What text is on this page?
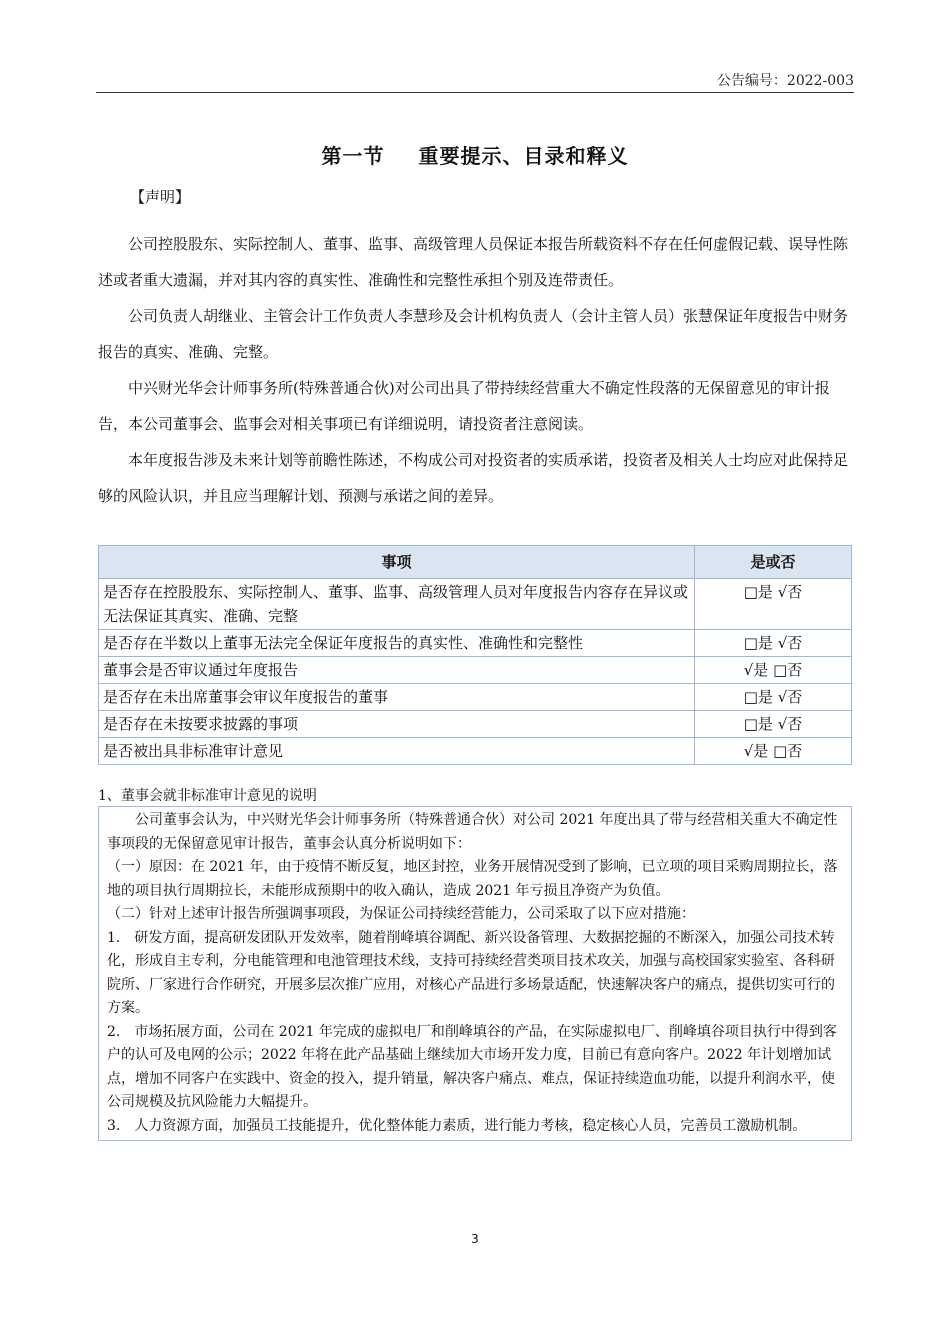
公告编号：2022-003
第一节 重要提示、目录和释义
【声明】

公司控股股东、实际控制人、董事、监事、高级管理人员保证本报告所载资料不存在任何虚假记载、误导性陈述或者重大遗漏，并对其内容的真实性、准确性和完整性承担个别及连带责任。

公司负责人胡继业、主管会计工作负责人李慧珍及会计机构负责人（会计主管人员）张慧保证年度报告中财务报告的真实、准确、完整。

中兴财光华会计师事务所(特殊普通合伙)对公司出具了带持续经营重大不确定性段落的无保留意见的审计报告，本公司董事会、监事会对相关事项已有详细说明，请投资者注意阅读。

本年度报告涉及未来计划等前瞻性陈述，不构成公司对投资者的实质承诺，投资者及相关人士均应对此保持足够的风险认识，并且应当理解计划、预测与承诺之间的差异。

事项	是或否
是否存在控股股东、实际控制人、董事、监事、高级管理人员对年度报告内容存在异议或无法保证其真实、准确、完整	□是 √否
是否存在半数以上董事无法完全保证年度报告的真实性、准确性和完整性	□是 √否
董事会是否审议通过年度报告	√是 □否
是否存在未出席董事会审议年度报告的董事	□是 √否
是否存在未按要求披露的事项	□是 √否
是否被出具非标准审计意见	√是 □否
1、董事会就非标准审计意见的说明

公司董事会认为，中兴财光华会计师事务所（特殊普通合伙）对公司 2021 年度出具了带与经营相关重大不确定性事项段的无保留意见审计报告，董事会认真分析说明如下：

（一）原因：在 2021 年，由于疫情不断反复，地区封控，业务开展情况受到了影响，已立项的项目采购周期拉长，落地的项目执行周期拉长，未能形成预期中的收入确认，造成 2021 年亏损且净资产为负值。

（二）针对上述审计报告所强调事项段，为保证公司持续经营能力，公司采取了以下应对措施：

1.　研发方面，提高研发团队开发效率，随着削峰填谷调配、新兴设备管理、大数据挖掘的不断深入，加强公司技术转化，形成自主专利，分电能管理和电池管理技术线，支持可持续经营类项目技术攻关，加强与高校国家实验室、各科研院所、厂家进行合作研究，开展多层次推广应用，对核心产品进行多场景适配，快速解决客户的痛点，提供切实可行的方案。

2.　市场拓展方面，公司在 2021 年完成的虚拟电厂和削峰填谷的产品，在实际虚拟电厂、削峰填谷项目执行中得到客户的认可及电网的公示；2022 年将在此产品基础上继续加大市场开发力度，目前已有意向客户。2022 年计划增加试点，增加不同客户在实践中、资金的投入，提升销量，解决客户痛点、难点，保证持续造血功能，以提升利润水平，使公司规模及抗风险能力大幅提升。

3.　人力资源方面，加强员工技能提升，优化整体能力素质，进行能力考核，稳定核心人员，完善员工激励机制。

3
